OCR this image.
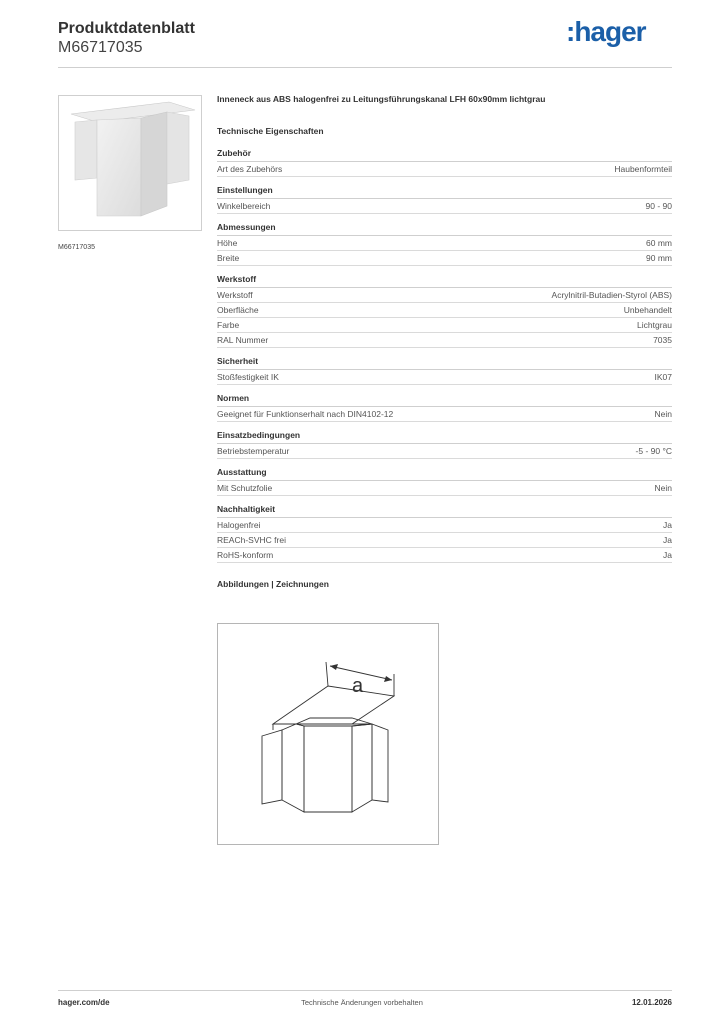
Produktdatenblatt
M66717035
:hager
M66717035
Inneneck aus ABS halogenfrei zu Leitungsführungskanal LFH 60x90mm lichtgrau
Technische Eigenschaften
Zubehör
Art des Zubehörs	Haubenformteil
Einstellungen
Winkelbereich	90 - 90
Abmessungen
Höhe	60 mm
Breite	90 mm
Werkstoff
Werkstoff	Acrylnitril-Butadien-Styrol (ABS)
Oberfläche	Unbehandelt
Farbe	Lichtgrau
RAL Nummer	7035
Sicherheit
Stoßfestigkeit IK	IK07
Normen
Geeignet für Funktionserhalt nach DIN4102-12	Nein
Einsatzbedingungen
Betriebstemperatur	-5 - 90 °C
Ausstattung
Mit Schutzfolie	Nein
Nachhaltigkeit
Halogenfrei	Ja
REACh-SVHC frei	Ja
RoHS-konform	Ja
Abbildungen | Zeichnungen
a
hager.com/de	Technische Änderungen vorbehalten	12.01.2026
